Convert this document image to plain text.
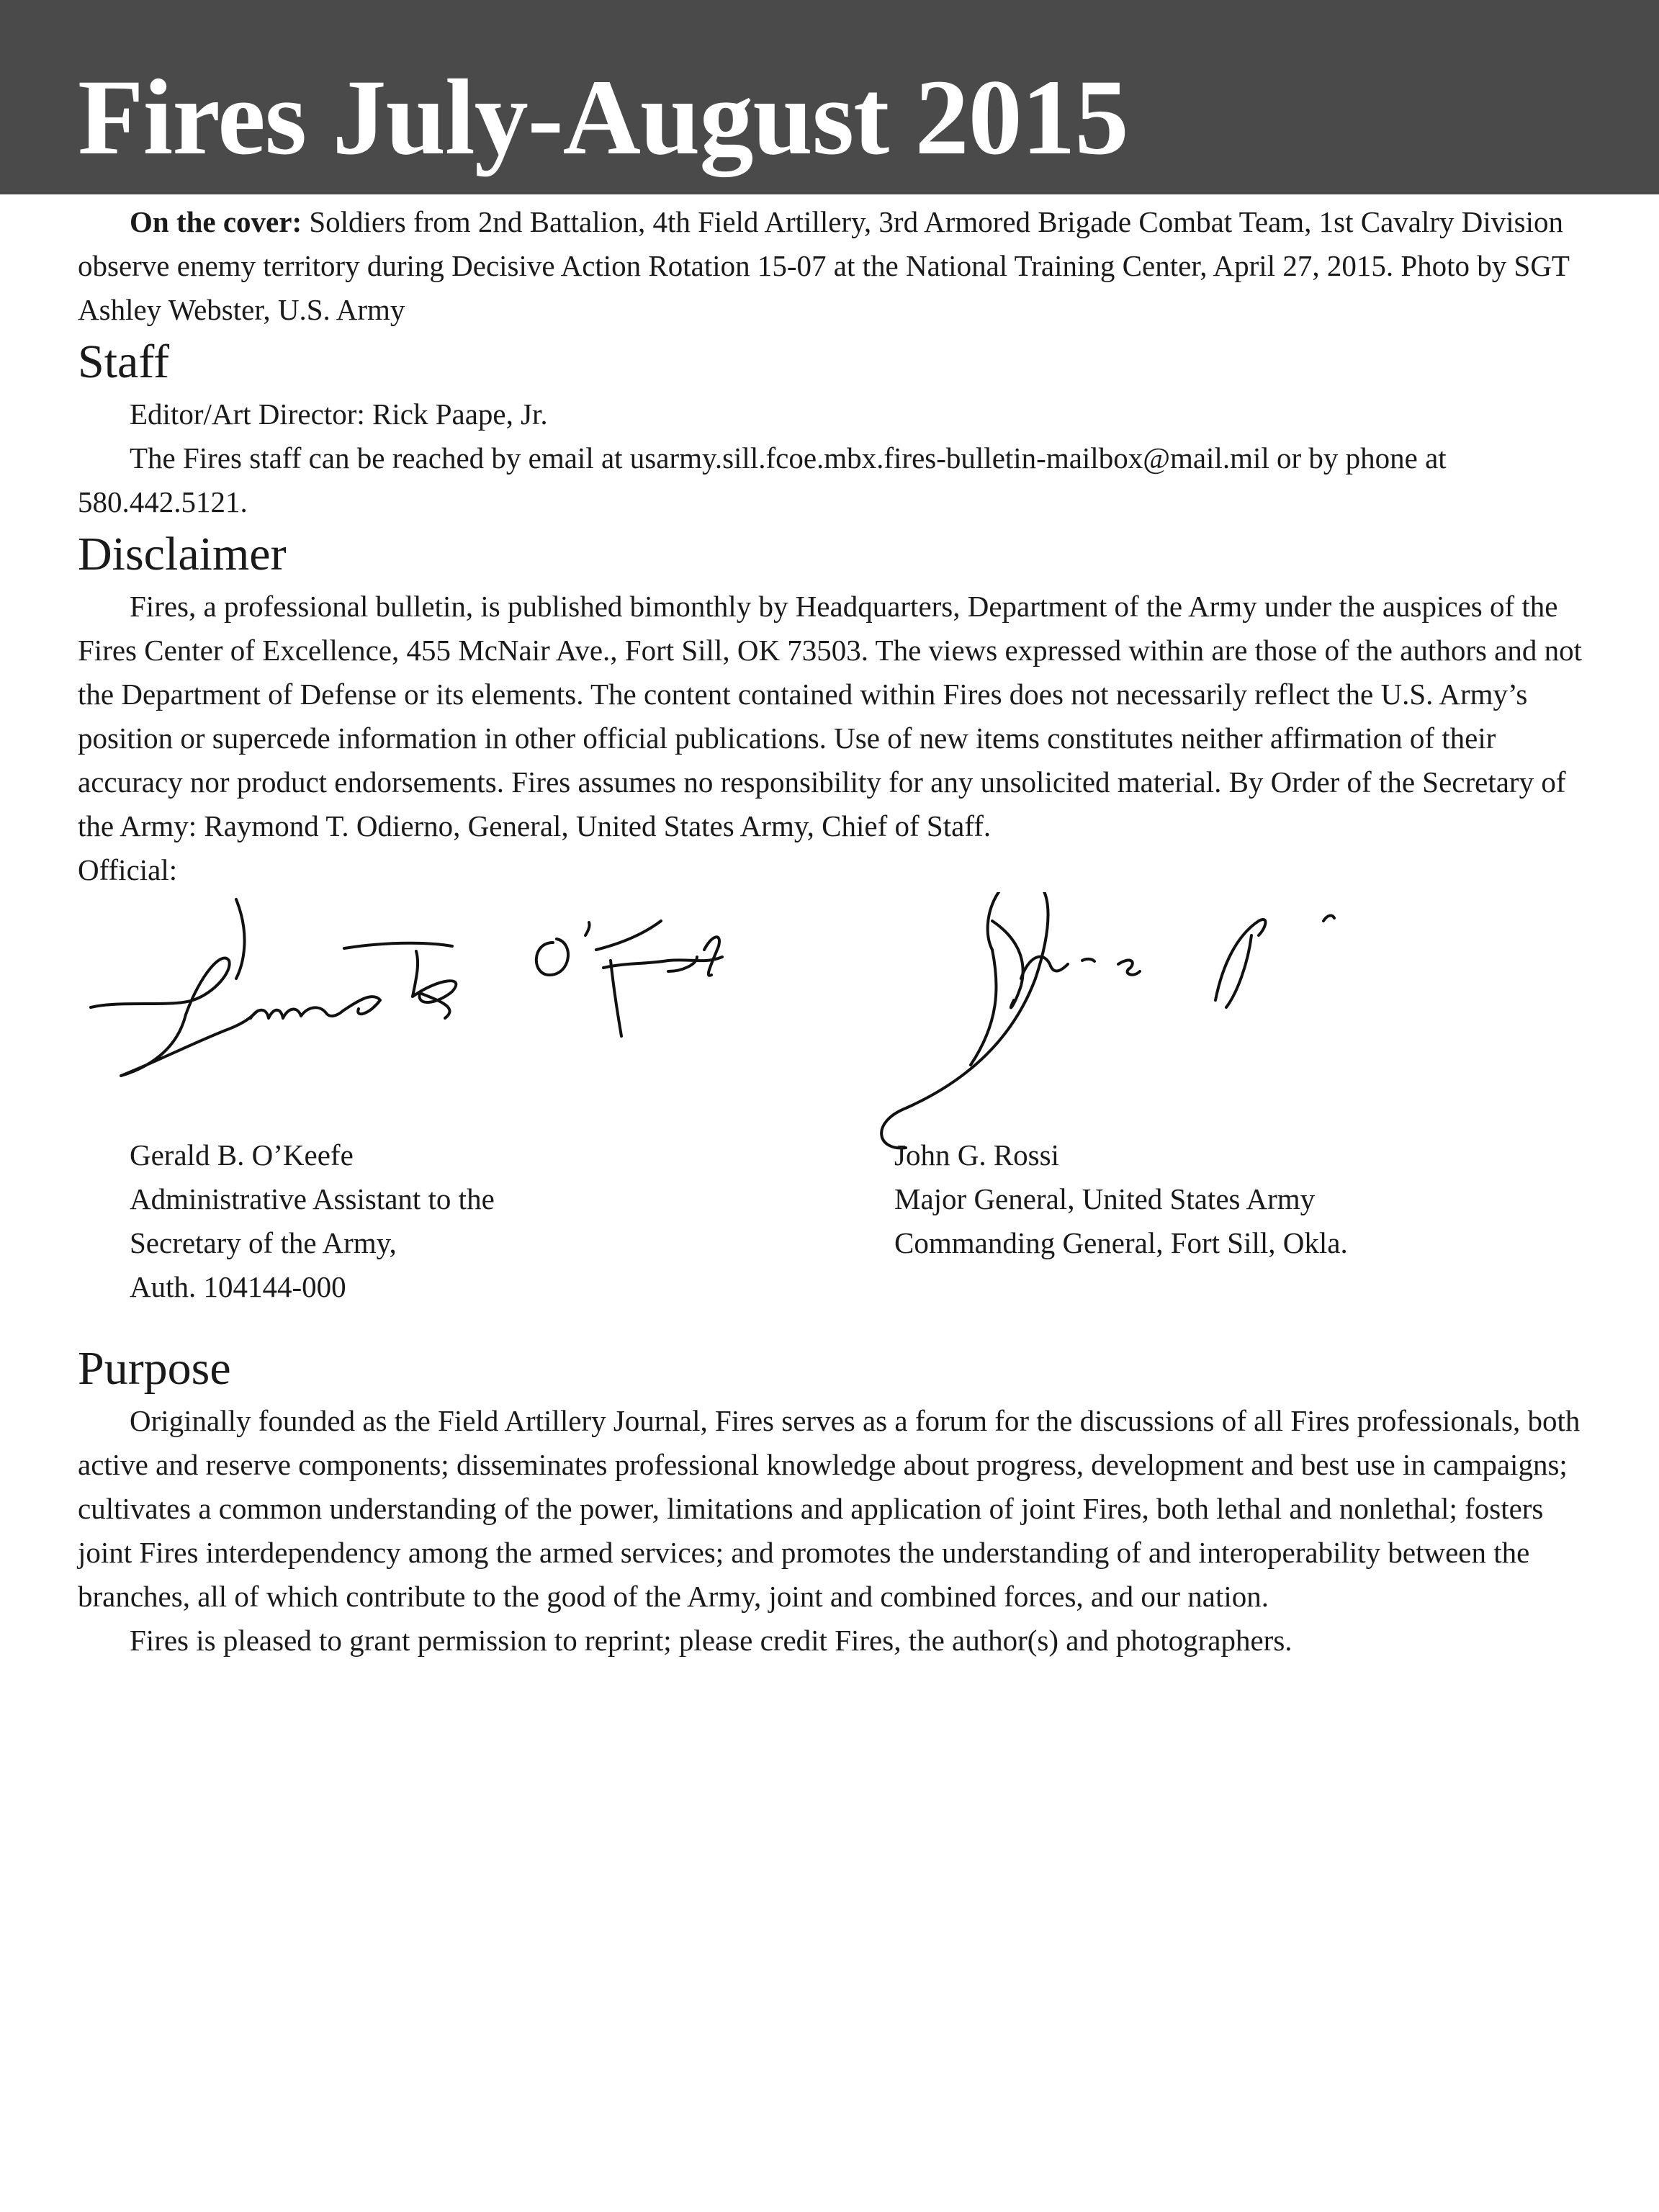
Fires July-August 2015

On the cover: Soldiers from 2nd Battalion, 4th Field Artillery, 3rd Armored Brigade Combat Team, 1st Cavalry Division observe enemy territory during Decisive Action Rotation 15-07 at the National Training Center, April 27, 2015. Photo by SGT Ashley Webster, U.S. Army

Staff

Editor/Art Director: Rick Paape, Jr.

The Fires staff can be reached by email at usarmy.sill.fcoe.mbx.fires-bulletin-mailbox@mail.mil or by phone at 580.442.5121.

Disclaimer

Fires, a professional bulletin, is published bimonthly by Headquarters, Department of the Army under the auspices of the Fires Center of Excellence, 455 McNair Ave., Fort Sill, OK 73503. The views expressed within are those of the authors and not the Department of Defense or its elements. The content contained within Fires does not necessarily reflect the U.S. Army’s position or supercede information in other official publications. Use of new items constitutes neither affirmation of their accuracy nor product endorsements. Fires assumes no responsibility for any unsolicited material. By Order of the Secretary of the Army: Raymond T. Odierno, General, United States Army, Chief of Staff.

Official:

Gerald B. O’Keefe
Administrative Assistant to the
Secretary of the Army,
Auth. 104144-000
John G. Rossi
Major General, United States Army
Commanding General, Fort Sill, Okla.
Purpose

Originally founded as the Field Artillery Journal, Fires serves as a forum for the discussions of all Fires professionals, both active and reserve components; disseminates professional knowledge about progress, development and best use in campaigns; cultivates a common understanding of the power, limitations and application of joint Fires, both lethal and nonlethal; fosters joint Fires interdependency among the armed services; and promotes the understanding of and interoperability between the branches, all of which contribute to the good of the Army, joint and combined forces, and our nation.

Fires is pleased to grant permission to reprint; please credit Fires, the author(s) and photographers.
